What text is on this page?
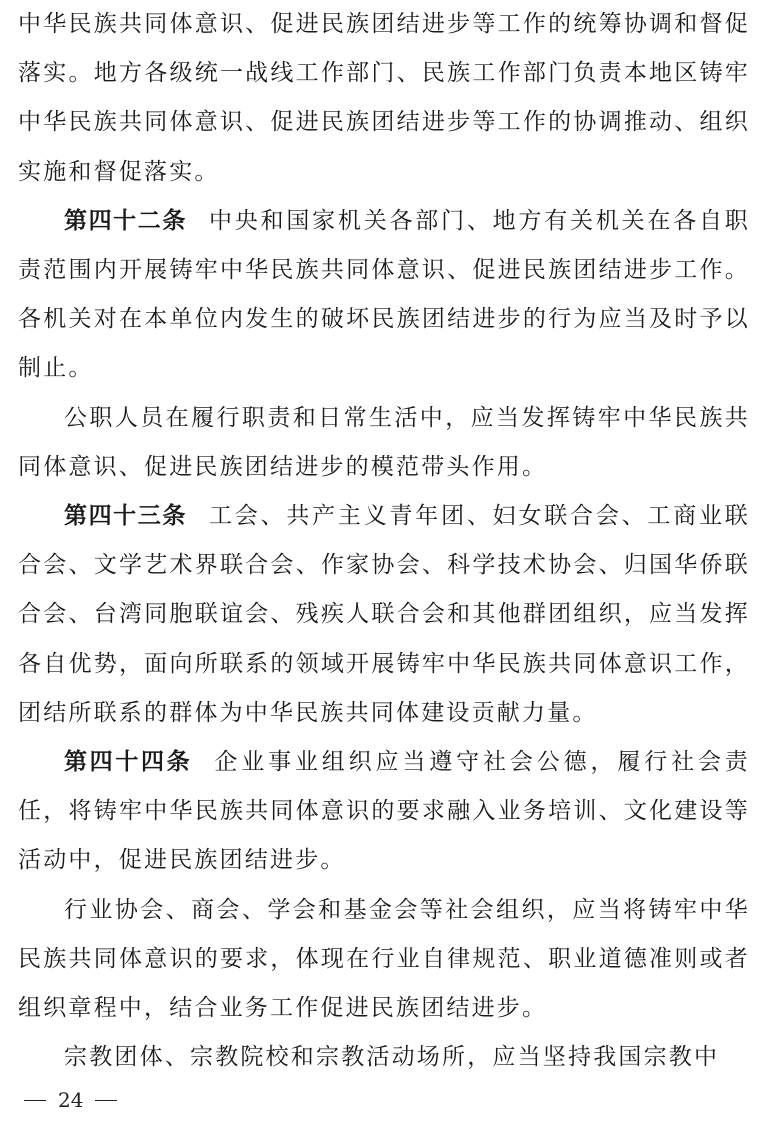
中华民族共同体意识、促进民族团结进步等工作的统筹协调和督促落实。地方各级统一战线工作部门、民族工作部门负责本地区铸牢中华民族共同体意识、促进民族团结进步等工作的协调推动、组织实施和督促落实。

第四十二条 中央和国家机关各部门、地方有关机关在各自职责范围内开展铸牢中华民族共同体意识、促进民族团结进步工作。各机关对在本单位内发生的破坏民族团结进步的行为应当及时予以制止。

公职人员在履行职责和日常生活中，应当发挥铸牢中华民族共同体意识、促进民族团结进步的模范带头作用。

第四十三条 工会、共产主义青年团、妇女联合会、工商业联合会、文学艺术界联合会、作家协会、科学技术协会、归国华侨联合会、台湾同胞联谊会、残疾人联合会和其他群团组织，应当发挥各自优势，面向所联系的领域开展铸牢中华民族共同体意识工作，团结所联系的群体为中华民族共同体建设贡献力量。

第四十四条 企业事业组织应当遵守社会公德，履行社会责任，将铸牢中华民族共同体意识的要求融入业务培训、文化建设等活动中，促进民族团结进步。

行业协会、商会、学会和基金会等社会组织，应当将铸牢中华民族共同体意识的要求，体现在行业自律规范、职业道德准则或者组织章程中，结合业务工作促进民族团结进步。

宗教团体、宗教院校和宗教活动场所，应当坚持我国宗教中

24
